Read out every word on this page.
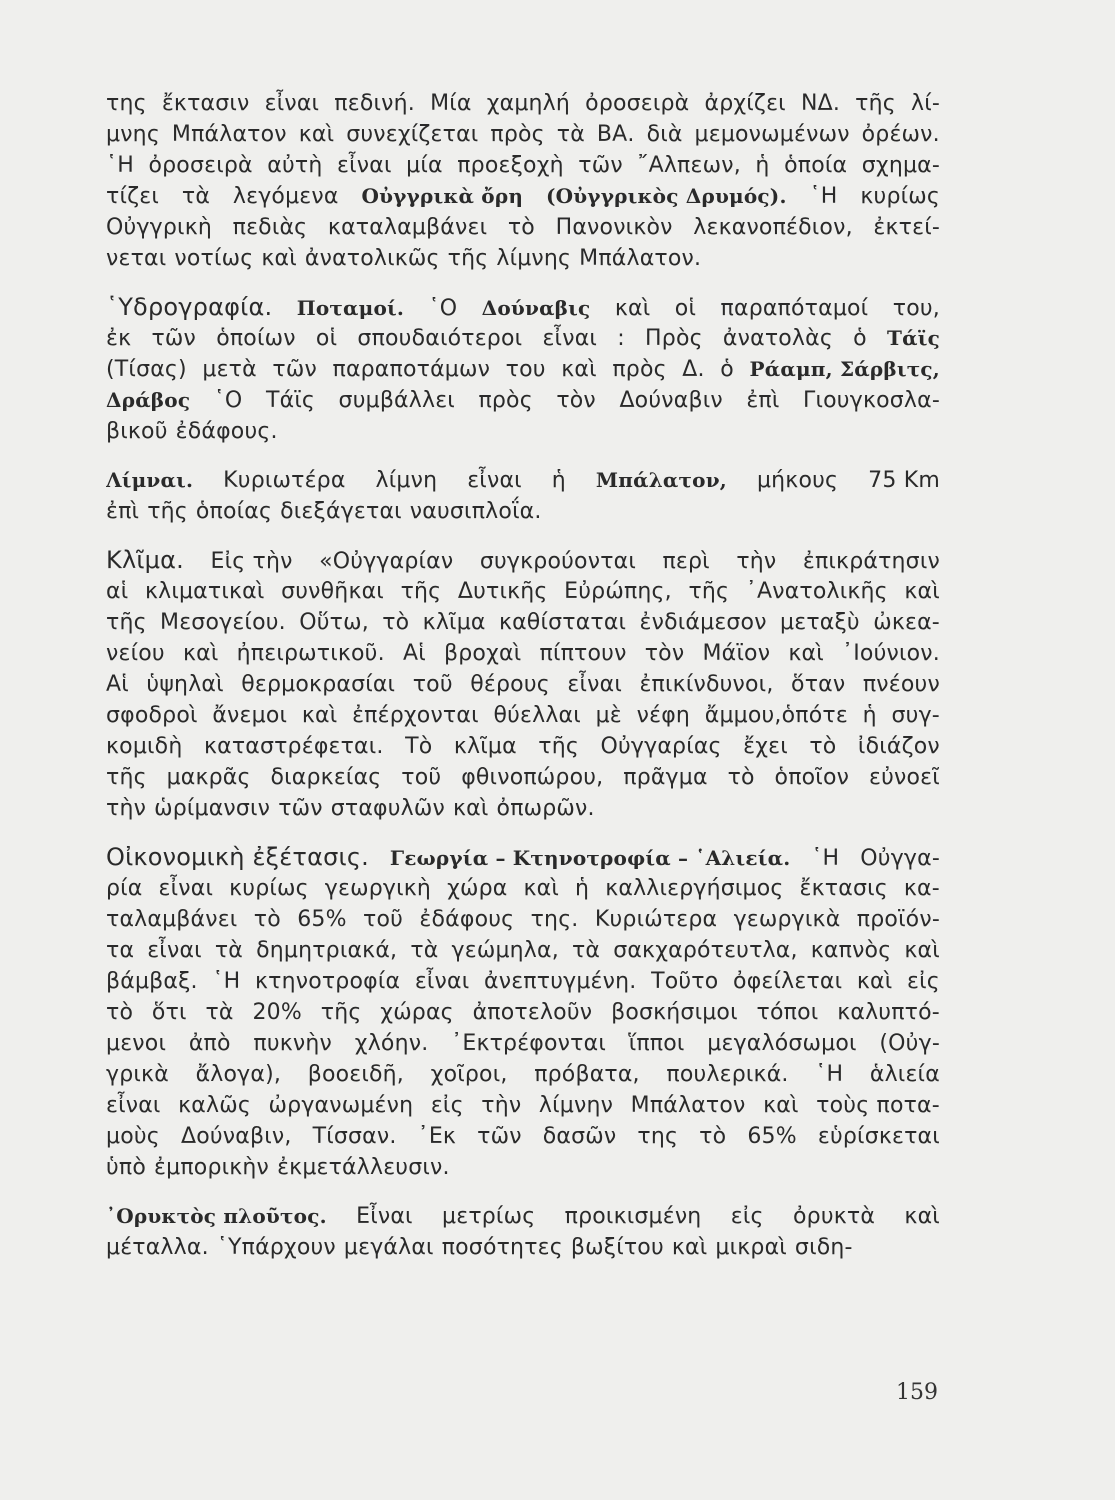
της ἔκτασιν εἶναι πεδινή. Μία χαμηλή ὀροσειρὰ ἀρχίζει ΝΔ. τῆς λί-
μνης Μπάλατον καὶ συνεχίζεται πρὸς τὰ ΒΑ. διὰ μεμονωμένων ὀρέων.
῾Η ὀροσειρὰ αὐτὴ εἶναι μία προεξοχὴ τῶν ῎Αλπεων, ἡ ὁποία σχημα-
τίζει τὰ λεγόμενα Οὐγγρικὰ ὄρη (Οὐγγρικὸς Δρυμός). ῾Η κυρίως
Οὐγγρικὴ πεδιὰς καταλαμβάνει τὸ Πανονικὸν λεκανοπέδιον, ἐκτεί-
νεται νοτίως καὶ ἀνατολικῶς τῆς λίμνης Μπάλατον.
῾Υδρογραφία. Ποταμοί. ῾Ο Δούναβις καὶ οἱ παραπόταμοί του,
ἐκ τῶν ὁποίων οἱ σπουδαιότεροι εἶναι : Πρὸς ἀνατολὰς ὁ Τάϊς
(Τίσας) μετὰ τῶν παραποτάμων του καὶ πρὸς Δ. ὁ Ράαμπ, Σάρβιτς,
Δράβος ῾Ο Τάϊς συμβάλλει πρὸς τὸν Δούναβιν ἐπὶ Γιουγκοσλα-
βικοῦ ἐδάφους.
Λίμναι. Κυριωτέρα λίμνη εἶναι ἡ Μπάλατον, μήκους 75 Km
ἐπὶ τῆς ὁποίας διεξάγεται ναυσιπλοΐα.
Κλῖμα. Εἰς τὴν «Οὐγγαρίαν συγκρούονται περὶ τὴν ἐπικράτησιν
αἱ κλιματικαὶ συνθῆκαι τῆς Δυτικῆς Εὐρώπης, τῆς ᾿Ανατολικῆς καὶ
τῆς Μεσογείου. Οὕτω, τὸ κλῖμα καθίσταται ἐνδιάμεσον μεταξὺ ὠκεα-
νείου καὶ ἠπειρωτικοῦ. Αἱ βροχαὶ πίπτουν τὸν Μάϊον καὶ ᾿Ιούνιον.
Αἱ ὑψηλαὶ θερμοκρασίαι τοῦ θέρους εἶναι ἐπικίνδυνοι, ὅταν πνέουν
σφοδροὶ ἄνεμοι καὶ ἐπέρχονται θύελλαι μὲ νέφη ἄμμου,ὁπότε ἡ συγ-
κομιδὴ καταστρέφεται. Τὸ κλῖμα τῆς Οὐγγαρίας ἔχει τὸ ἰδιάζον
τῆς μακρᾶς διαρκείας τοῦ φθινοπώρου, πρᾶγμα τὸ ὁποῖον εὐνοεῖ
τὴν ὡρίμανσιν τῶν σταφυλῶν καὶ ὀπωρῶν.
Οἰκονομικὴ ἐξέτασις. Γεωργία – Κτηνοτροφία – ῾Αλιεία. ῾Η Οὐγγα-
ρία εἶναι κυρίως γεωργικὴ χώρα καὶ ἡ καλλιεργήσιμος ἔκτασις κα-
ταλαμβάνει τὸ 65% τοῦ ἐδάφους της. Κυριώτερα γεωργικὰ προϊόν-
τα εἶναι τὰ δημητριακά, τὰ γεώμηλα, τὰ σακχαρότευτλα, καπνὸς καὶ
βάμβαξ. ῾Η κτηνοτροφία εἶναι ἀνεπτυγμένη. Τοῦτο ὀφείλεται καὶ εἰς
τὸ ὅτι τὰ 20% τῆς χώρας ἀποτελοῦν βοσκήσιμοι τόποι καλυπτό-
μενοι ἀπὸ πυκνὴν χλόην. ᾿Εκτρέφονται ἵπποι μεγαλόσωμοι (Οὐγ-
γρικὰ ἄλογα), βοοειδῆ, χοῖροι, πρόβατα, πουλερικά. ῾Η ἁλιεία
εἶναι καλῶς ὠργανωμένη εἰς τὴν λίμνην Μπάλατον καὶ τοὺς ποτα-
μοὺς Δούναβιν, Τίσσαν. ᾿Εκ τῶν δασῶν της τὸ 65% εὑρίσκεται
ὑπὸ ἐμπορικὴν ἐκμετάλλευσιν.
᾿Ορυκτὸς πλοῦτος. Εἶναι μετρίως προικισμένη εἰς ὀρυκτὰ καὶ
μέταλλα. ῾Υπάρχουν μεγάλαι ποσότητες βωξίτου καὶ μικραὶ σιδη-
159
